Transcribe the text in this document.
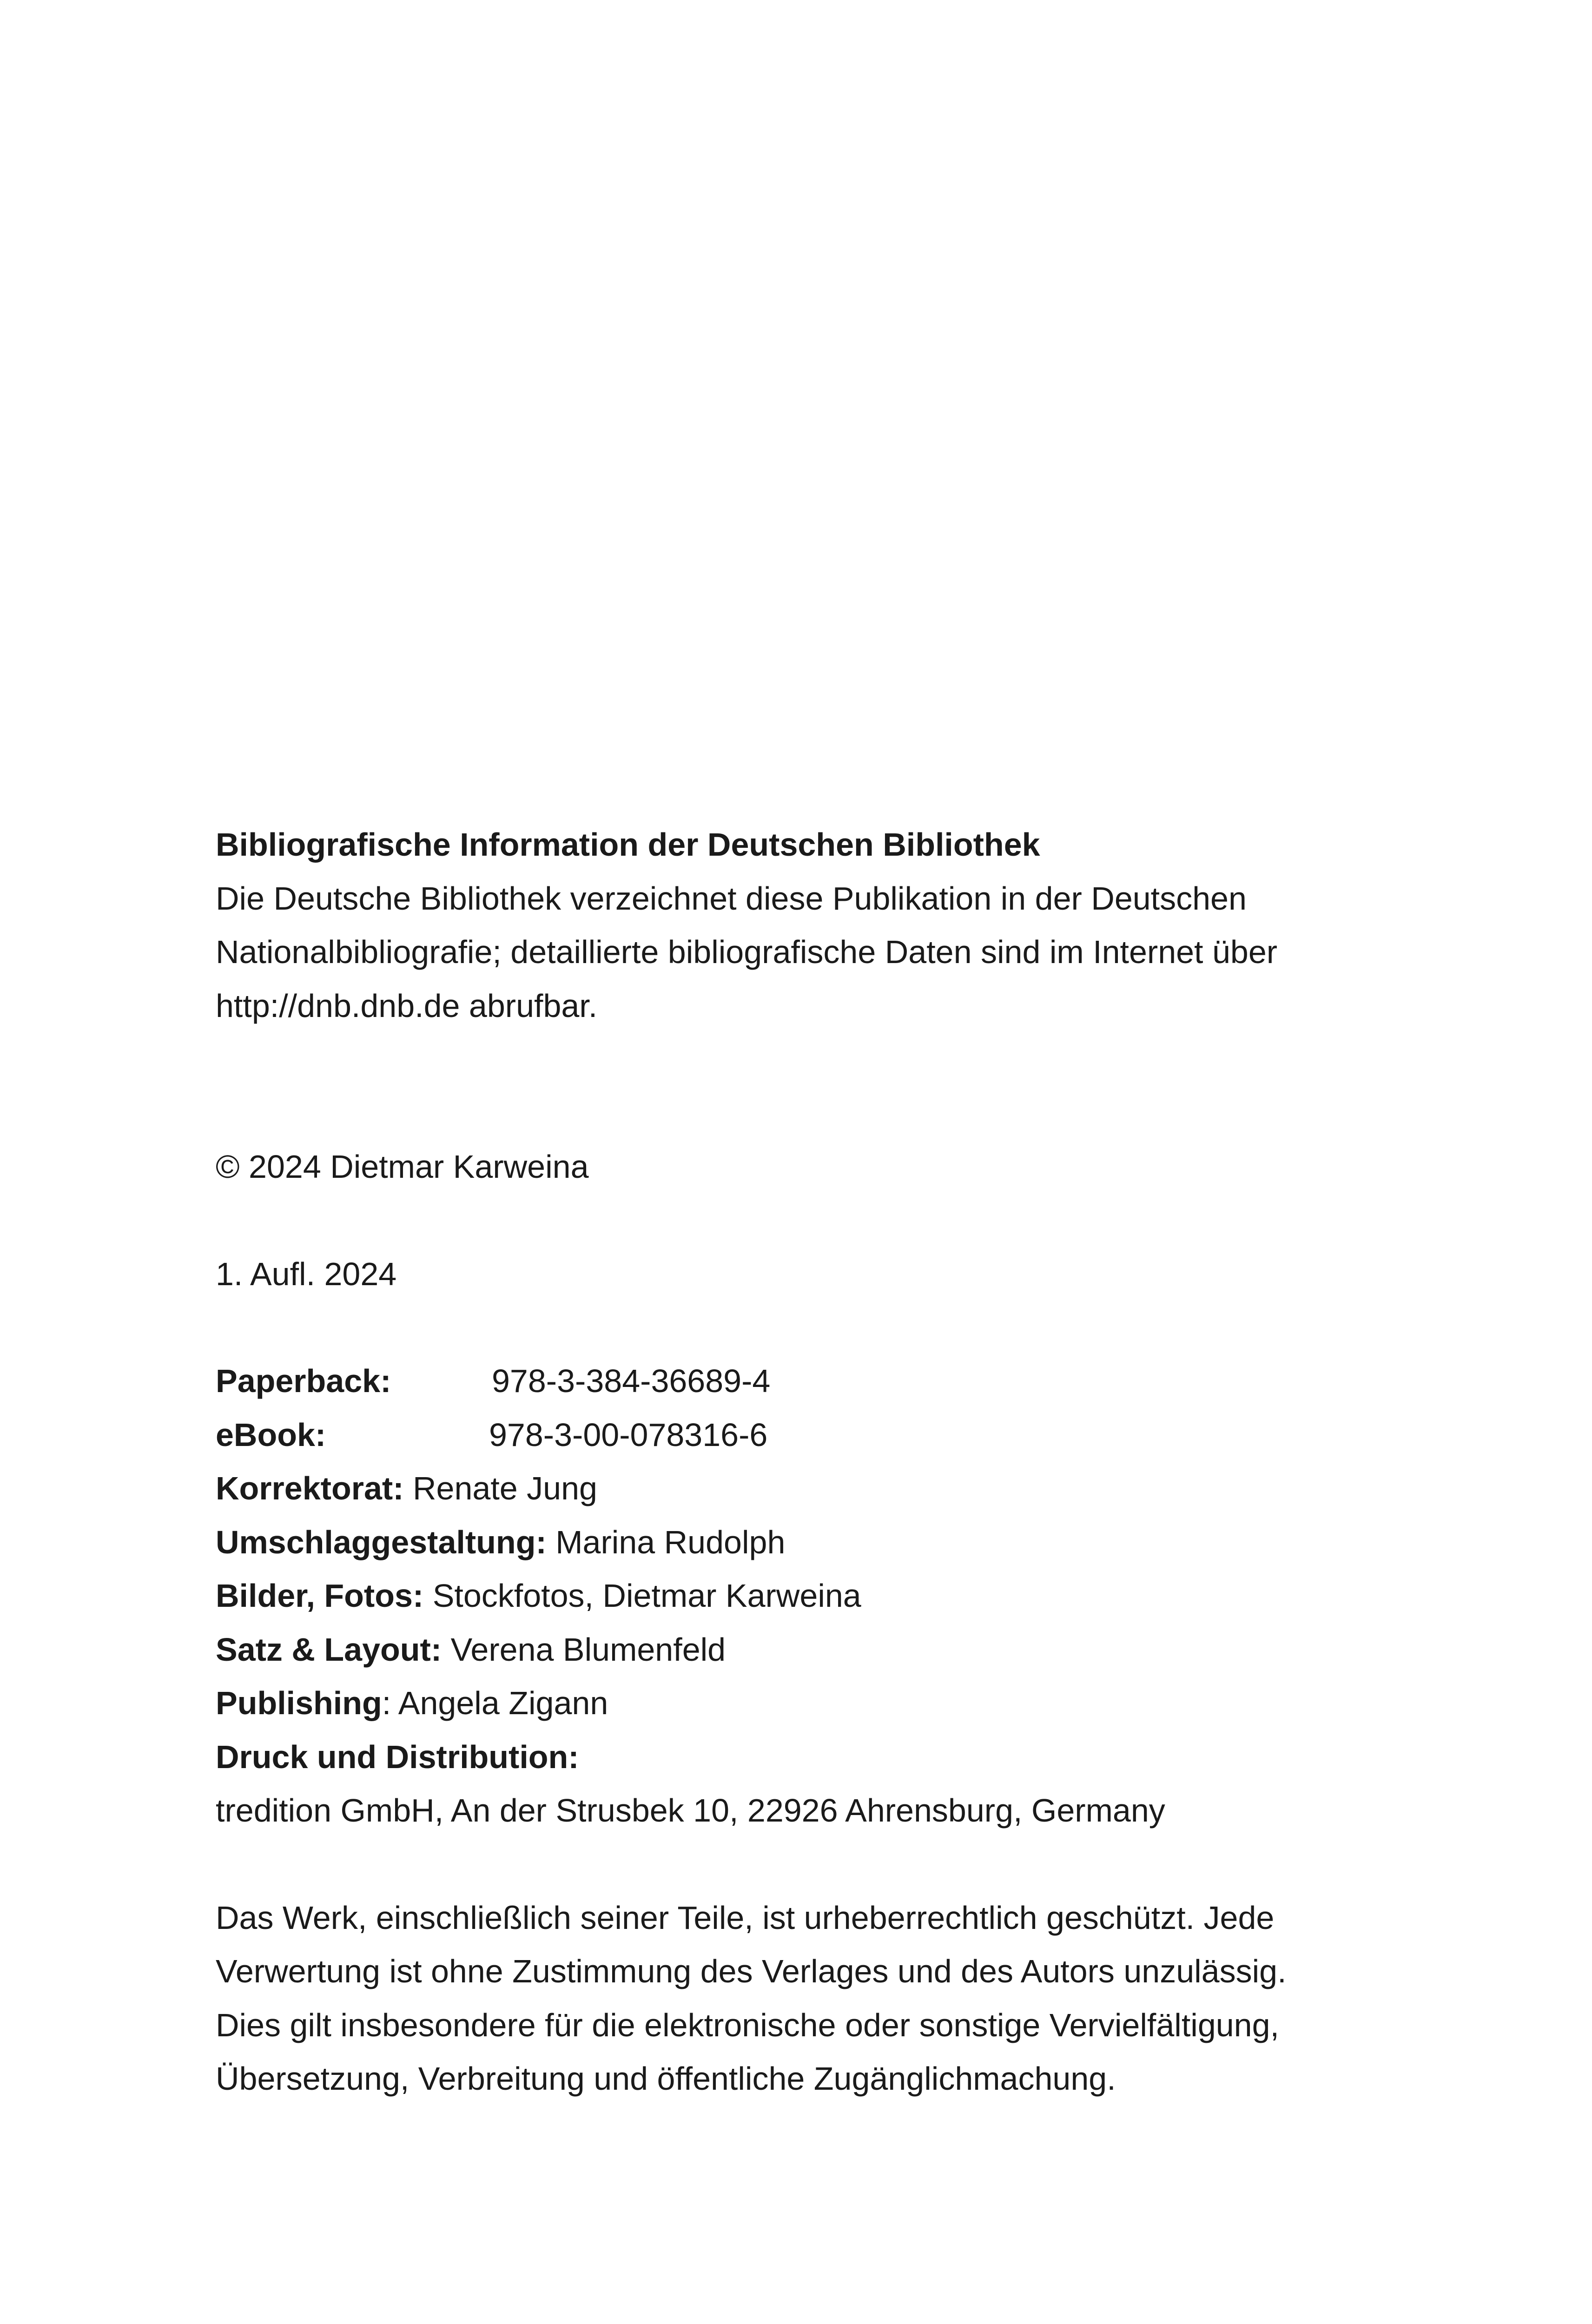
Bibliografische Information der Deutschen Bibliothek
Die Deutsche Bibliothek verzeichnet diese Publikation in der Deutschen
Nationalbibliografie; detaillierte bibliografische Daten sind im Internet über
http://dnb.dnb.de abrufbar.
© 2024 Dietmar Karweina
1. Aufl. 2024
Paperback:	978-3-384-36689-4
eBook:	978-3-00-078316-6
Korrektorat: Renate Jung
Umschlaggestaltung: Marina Rudolph
Bilder, Fotos: Stockfotos, Dietmar Karweina
Satz & Layout: Verena Blumenfeld
Publishing: Angela Zigann
Druck und Distribution:
tredition GmbH, An der Strusbek 10, 22926 Ahrensburg, Germany
Das Werk, einschließlich seiner Teile, ist urheberrechtlich geschützt. Jede
Verwertung ist ohne Zustimmung des Verlages und des Autors unzulässig.
Dies gilt insbesondere für die elektronische oder sonstige Vervielfältigung,
Übersetzung, Verbreitung und öffentliche Zugänglichmachung.
